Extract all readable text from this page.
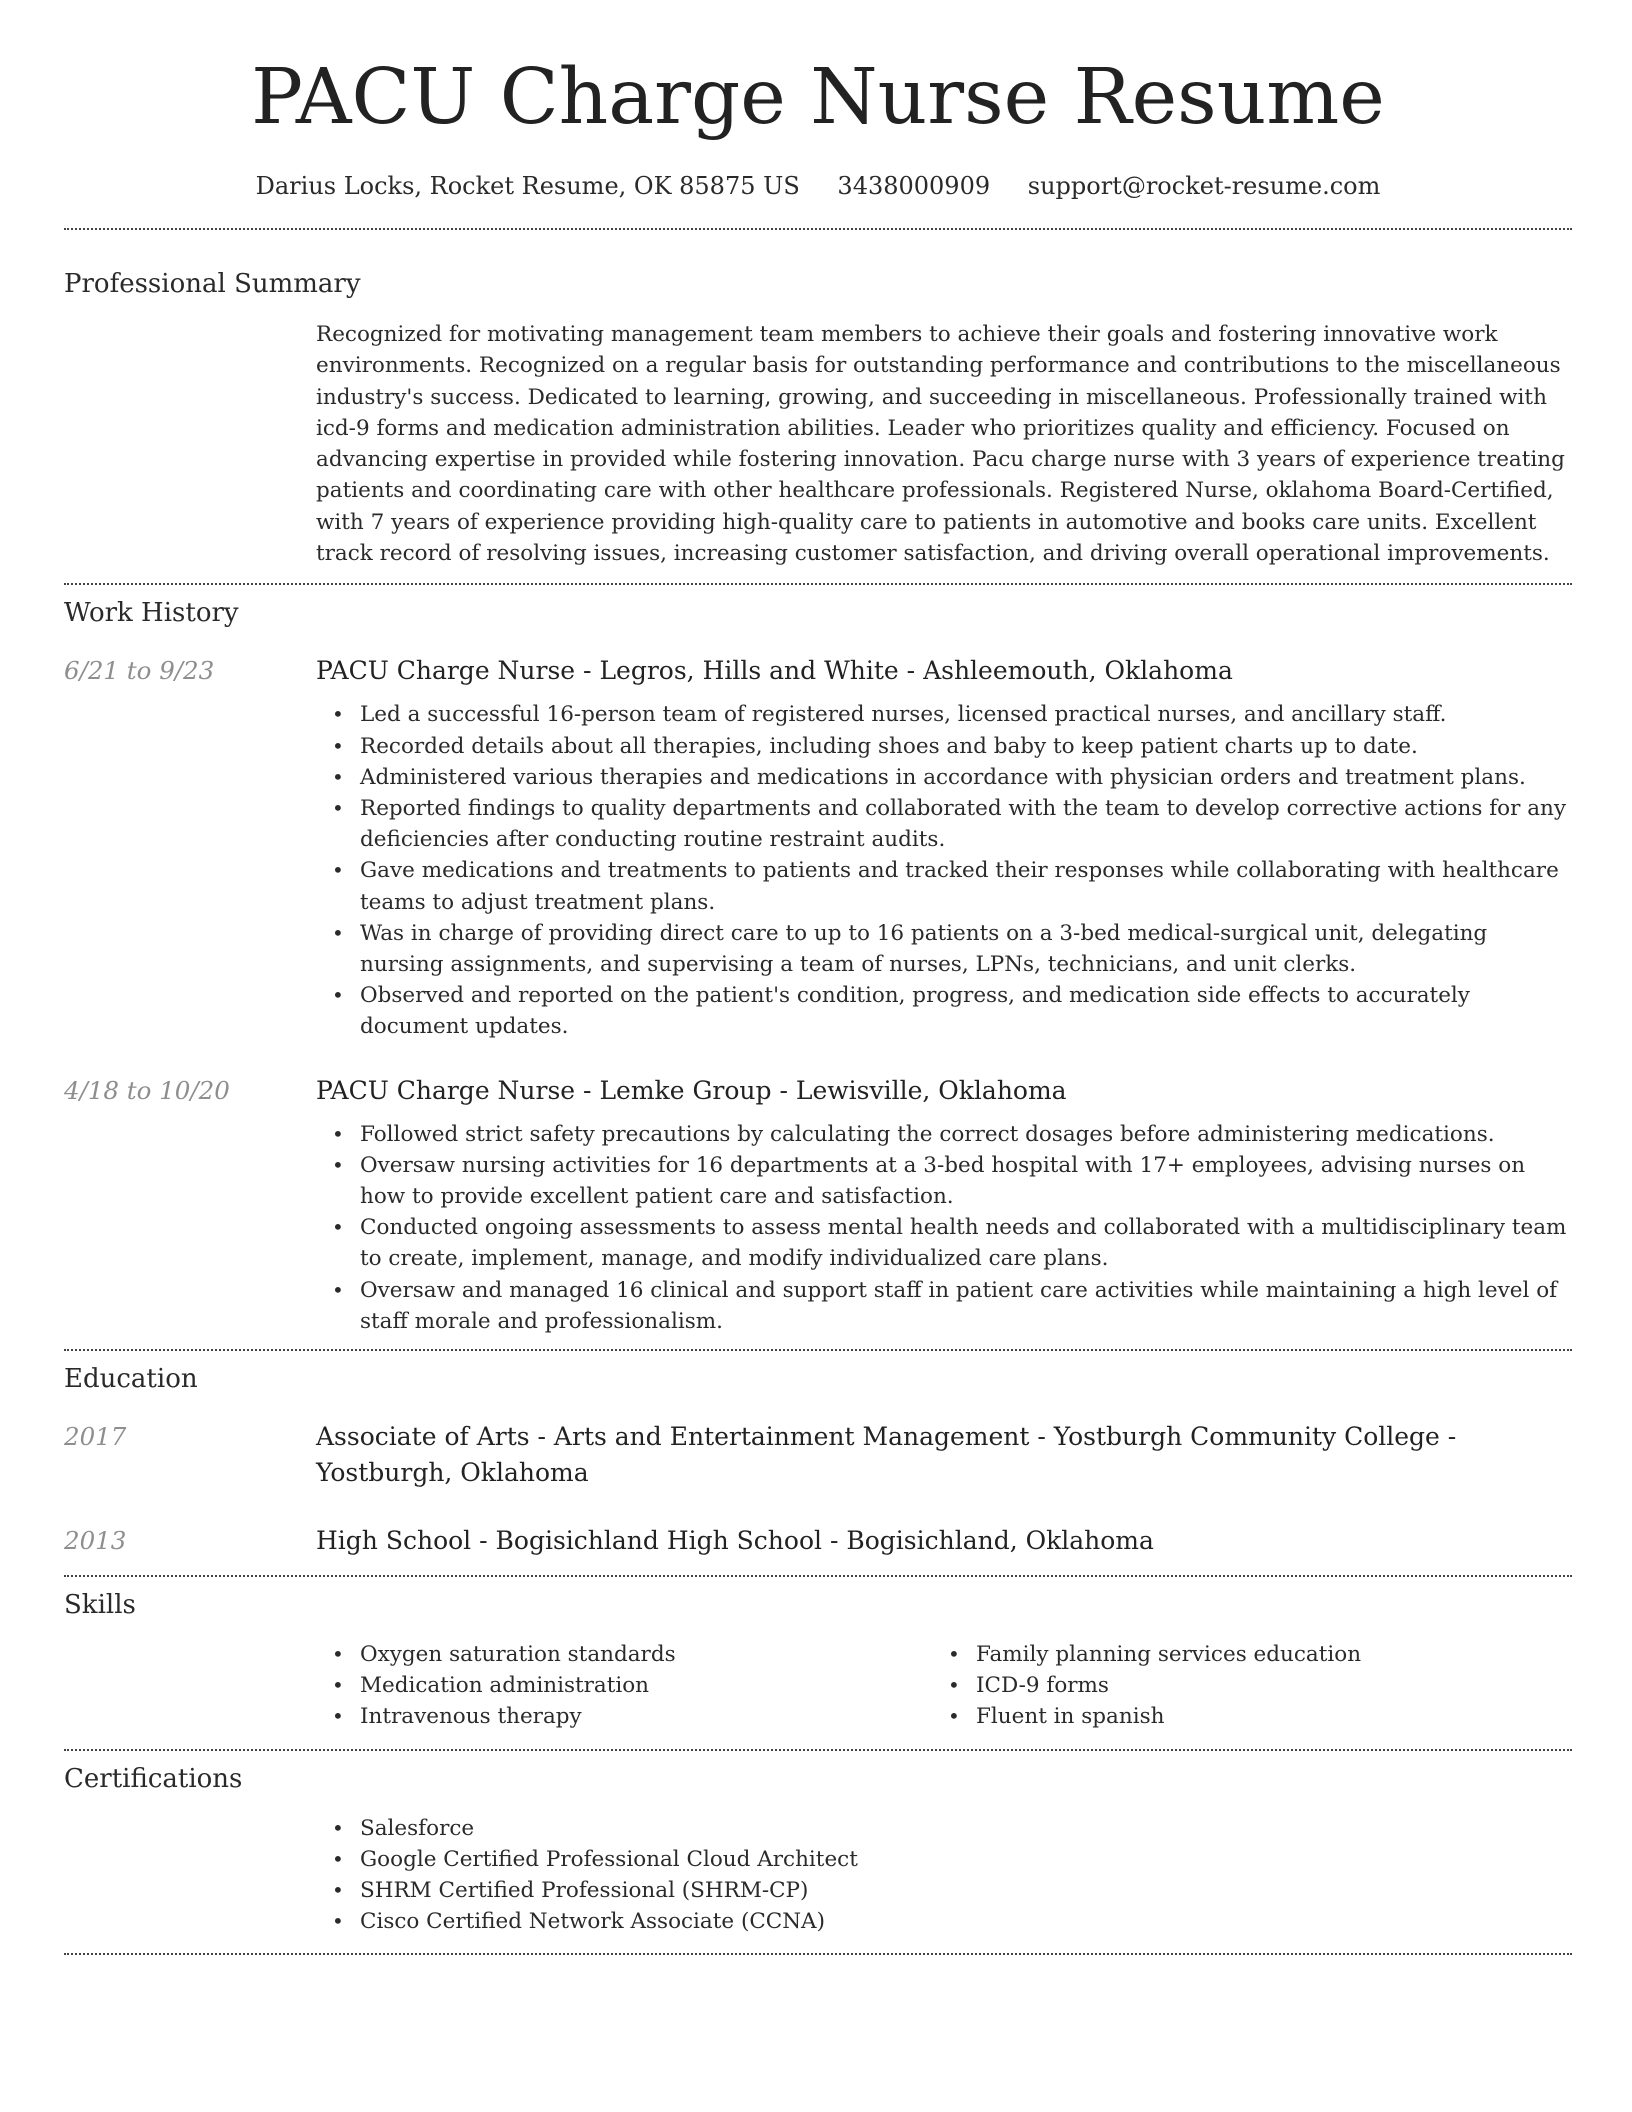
PACU Charge Nurse Resume
Darius Locks, Rocket Resume, OK 85875 US 3438000909 support@rocket-resume.com
Professional Summary
Recognized for motivating management team members to achieve their goals and fostering innovative work environments. Recognized on a regular basis for outstanding performance and contributions to the miscellaneous industry's success. Dedicated to learning, growing, and succeeding in miscellaneous. Professionally trained with icd-9 forms and medication administration abilities. Leader who prioritizes quality and efficiency. Focused on advancing expertise in provided while fostering innovation. Pacu charge nurse with 3 years of experience treating patients and coordinating care with other healthcare professionals. Registered Nurse, oklahoma Board-Certified, with 7 years of experience providing high-quality care to patients in automotive and books care units. Excellent track record of resolving issues, increasing customer satisfaction, and driving overall operational improvements.
Work History
6/21 to 9/23	PACU Charge Nurse - Legros, Hills and White - Ashleemouth, Oklahoma
• Led a successful 16-person team of registered nurses, licensed practical nurses, and ancillary staff.
• Recorded details about all therapies, including shoes and baby to keep patient charts up to date.
• Administered various therapies and medications in accordance with physician orders and treatment plans.
• Reported findings to quality departments and collaborated with the team to develop corrective actions for any deficiencies after conducting routine restraint audits.
• Gave medications and treatments to patients and tracked their responses while collaborating with healthcare teams to adjust treatment plans.
• Was in charge of providing direct care to up to 16 patients on a 3-bed medical-surgical unit, delegating nursing assignments, and supervising a team of nurses, LPNs, technicians, and unit clerks.
• Observed and reported on the patient's condition, progress, and medication side effects to accurately document updates.
4/18 to 10/20	PACU Charge Nurse - Lemke Group - Lewisville, Oklahoma
• Followed strict safety precautions by calculating the correct dosages before administering medications.
• Oversaw nursing activities for 16 departments at a 3-bed hospital with 17+ employees, advising nurses on how to provide excellent patient care and satisfaction.
• Conducted ongoing assessments to assess mental health needs and collaborated with a multidisciplinary team to create, implement, manage, and modify individualized care plans.
• Oversaw and managed 16 clinical and support staff in patient care activities while maintaining a high level of staff morale and professionalism.
Education
2017	Associate of Arts - Arts and Entertainment Management - Yostburgh Community College - Yostburgh, Oklahoma
2013	High School - Bogisichland High School - Bogisichland, Oklahoma
Skills
• Oxygen saturation standards
• Medication administration
• Intravenous therapy
• Family planning services education
• ICD-9 forms
• Fluent in spanish
Certifications
• Salesforce
• Google Certified Professional Cloud Architect
• SHRM Certified Professional (SHRM-CP)
• Cisco Certified Network Associate (CCNA)
